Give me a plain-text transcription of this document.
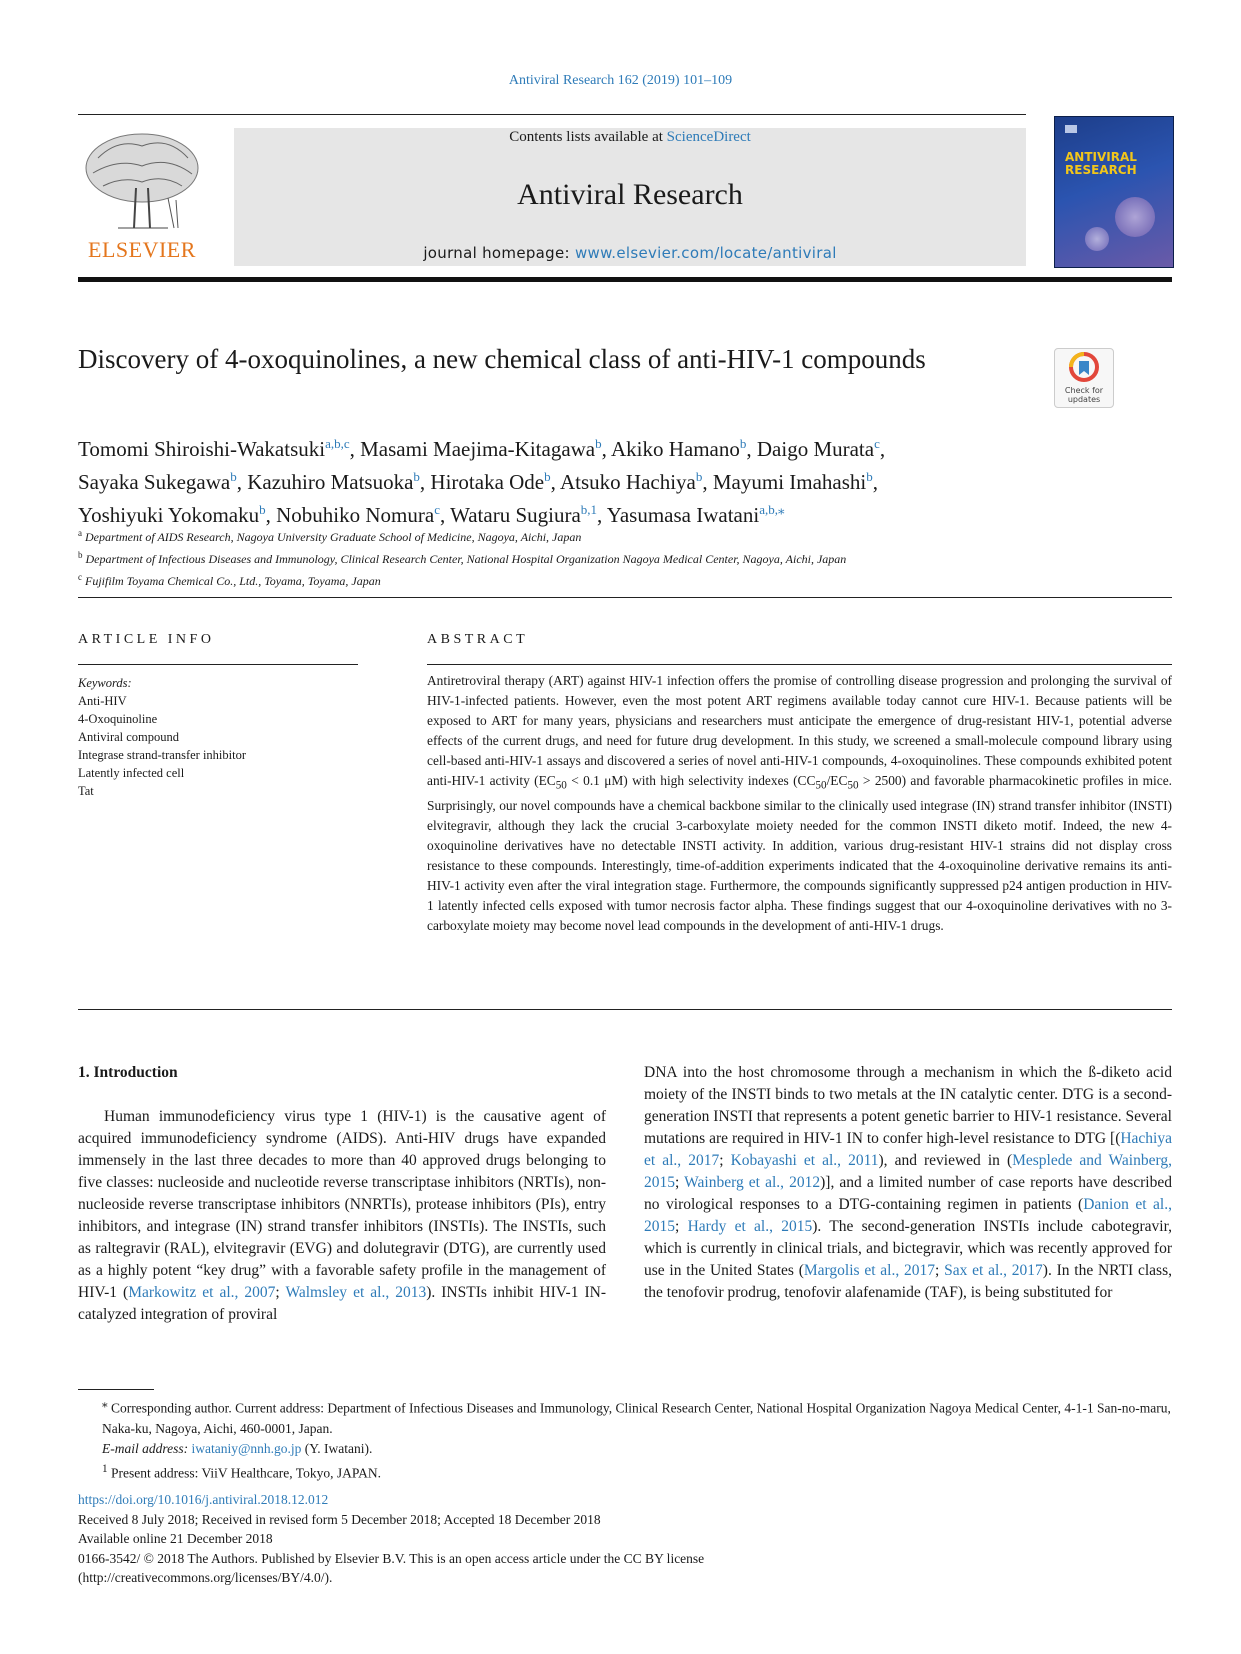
Antiviral Research 162 (2019) 101–109
ELSEVIER
Contents lists available at ScienceDirect
Antiviral Research
journal homepage: www.elsevier.com/locate/antiviral
ANTIVIRAL
RESEARCH
Discovery of 4-oxoquinolines, a new chemical class of anti-HIV-1 compounds
Check for
updates
Tomomi Shiroishi-Wakatsuki$^{a,b,c}$, Masami Maejima-Kitagawa$^b$, Akiko Hamano$^b$, Daigo Murata$^c$,
Sayaka Sukegawa$^b$, Kazuhiro Matsuoka$^b$, Hirotaka Ode$^b$, Atsuko Hachiya$^b$, Mayumi Imahashi$^b$,
Yoshiyuki Yokomaku$^b$, Nobuhiko Nomura$^c$, Wataru Sugiura$^{b,1}$, Yasumasa Iwatani$^{a,b,⁎}$
$^a$ Department of AIDS Research, Nagoya University Graduate School of Medicine, Nagoya, Aichi, Japan
$^b$ Department of Infectious Diseases and Immunology, Clinical Research Center, National Hospital Organization Nagoya Medical Center, Nagoya, Aichi, Japan
$^c$ Fujifilm Toyama Chemical Co., Ltd., Toyama, Toyama, Japan
ARTICLE INFO	ABSTRACT
Keywords:
Anti-HIV
4-Oxoquinoline
Antiviral compound
Integrase strand-transfer inhibitor
Latently infected cell
Tat
Antiretroviral therapy (ART) against HIV-1 infection offers the promise of controlling disease progression and prolonging the survival of HIV-1-infected patients. However, even the most potent ART regimens available today cannot cure HIV-1. Because patients will be exposed to ART for many years, physicians and researchers must anticipate the emergence of drug-resistant HIV-1, potential adverse effects of the current drugs, and need for future drug development. In this study, we screened a small-molecule compound library using cell-based anti-HIV-1 assays and discovered a series of novel anti-HIV-1 compounds, 4-oxoquinolines. These compounds exhibited potent anti-HIV-1 activity ($EC_{50} < 0.1$ μM) with high selectivity indexes $(CC_{50}/EC_{50} > 2500)$ and favorable pharmacokinetic profiles in mice. Surprisingly, our novel compounds have a chemical backbone similar to the clinically used integrase (IN) strand transfer inhibitor (INSTI) elvitegravir, although they lack the crucial 3-carboxylate moiety needed for the common INSTI diketo motif. Indeed, the new 4-oxoquinoline derivatives have no detectable INSTI activity. In addition, various drug-resistant HIV-1 strains did not display cross resistance to these compounds. Interestingly, time-of-addition experiments indicated that the 4-oxoquinoline derivative remains its anti-HIV-1 activity even after the viral integration stage. Furthermore, the compounds significantly suppressed p24 antigen production in HIV-1 latently infected cells exposed with tumor necrosis factor alpha. These findings suggest that our 4-oxoquinoline derivatives with no 3-carboxylate moiety may become novel lead compounds in the development of anti-HIV-1 drugs.
1. Introduction
Human immunodeficiency virus type 1 (HIV-1) is the causative agent of acquired immunodeficiency syndrome (AIDS). Anti-HIV drugs have expanded immensely in the last three decades to more than 40 approved drugs belonging to five classes: nucleoside and nucleotide reverse transcriptase inhibitors (NRTIs), non-nucleoside reverse transcriptase inhibitors (NNRTIs), protease inhibitors (PIs), entry inhibitors, and integrase (IN) strand transfer inhibitors (INSTIs). The INSTIs, such as raltegravir (RAL), elvitegravir (EVG) and dolutegravir (DTG), are currently used as a highly potent “key drug” with a favorable safety profile in the management of HIV-1 (Markowitz et al., 2007; Walmsley et al., 2013). INSTIs inhibit HIV-1 IN-catalyzed integration of proviral
DNA into the host chromosome through a mechanism in which the ß-diketo acid moiety of the INSTI binds to two metals at the IN catalytic center. DTG is a second-generation INSTI that represents a potent genetic barrier to HIV-1 resistance. Several mutations are required in HIV-1 IN to confer high-level resistance to DTG [(Hachiya et al., 2017; Kobayashi et al., 2011), and reviewed in (Mesplede and Wainberg, 2015; Wainberg et al., 2012)], and a limited number of case reports have described no virological responses to a DTG-containing regimen in patients (Danion et al., 2015; Hardy et al., 2015). The second-generation INSTIs include cabotegravir, which is currently in clinical trials, and bictegravir, which was recently approved for use in the United States (Margolis et al., 2017; Sax et al., 2017). In the NRTI class, the tenofovir prodrug, tenofovir alafenamide (TAF), is being substituted for

⁎ Corresponding author. Current address: Department of Infectious Diseases and Immunology, Clinical Research Center, National Hospital Organization Nagoya Medical Center, 4-1-1 San-no-maru, Naka-ku, Nagoya, Aichi, 460-0001, Japan.

E-mail address: iwataniy@nnh.go.jp (Y. Iwatani).

$^1$ Present address: ViiV Healthcare, Tokyo, JAPAN.

https://doi.org/10.1016/j.antiviral.2018.12.012

Received 8 July 2018; Received in revised form 5 December 2018; Accepted 18 December 2018

Available online 21 December 2018

0166-3542/ © 2018 The Authors. Published by Elsevier B.V. This is an open access article under the CC BY license

(http://creativecommons.org/licenses/BY/4.0/).
